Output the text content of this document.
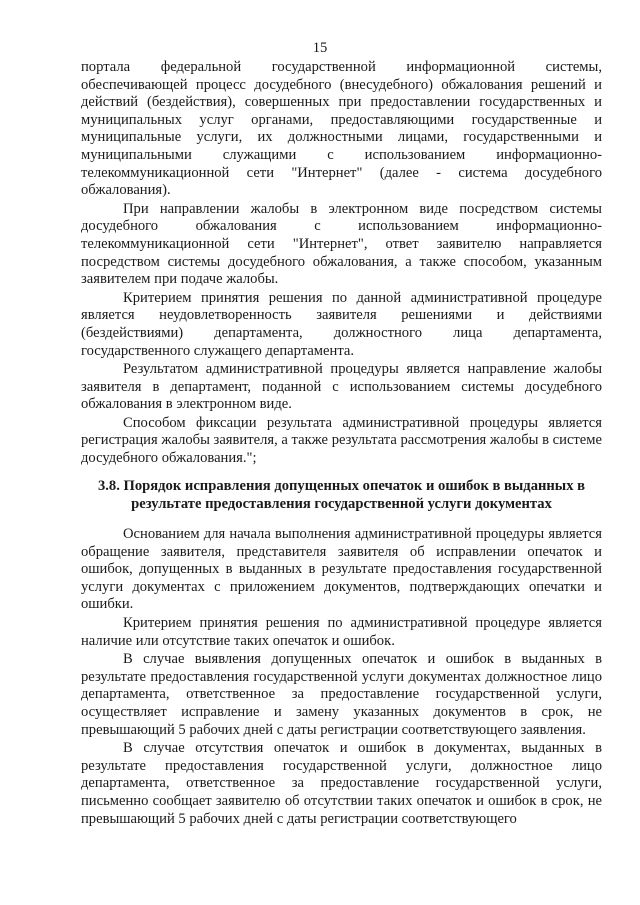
15

портала федеральной государственной информационной системы, обеспечивающей процесс досудебного (внесудебного) обжалования решений и действий (бездействия), совершенных при предоставлении государственных и муниципальных услуг органами, предоставляющими государственные и муниципальные услуги, их должностными лицами, государственными и муниципальными служащими с использованием информационно-телекоммуникационной сети "Интернет" (далее - система досудебного обжалования).

При направлении жалобы в электронном виде посредством системы досудебного обжалования с использованием информационно-телекоммуникационной сети "Интернет", ответ заявителю направляется посредством системы досудебного обжалования, а также способом, указанным заявителем при подаче жалобы.

Критерием принятия решения по данной административной процедуре является неудовлетворенность заявителя решениями и действиями (бездействиями) департамента, должностного лица департамента, государственного служащего департамента.

Результатом административной процедуры является направление жалобы заявителя в департамент, поданной с использованием системы досудебного обжалования в электронном виде.

Способом фиксации результата административной процедуры является регистрация жалобы заявителя, а также результата рассмотрения жалобы в системе досудебного обжалования.";

3.8. Порядок исправления допущенных опечаток и ошибок в выданных в
результате предоставления государственной услуги документах

Основанием для начала выполнения административной процедуры является обращение заявителя, представителя заявителя об исправлении опечаток и ошибок, допущенных в выданных в результате предоставления государственной услуги документах с приложением документов, подтверждающих опечатки и ошибки.

Критерием принятия решения по административной процедуре является наличие или отсутствие таких опечаток и ошибок.

В случае выявления допущенных опечаток и ошибок в выданных в результате предоставления государственной услуги документах должностное лицо департамента, ответственное за предоставление государственной услуги, осуществляет исправление и замену указанных документов в срок, не превышающий 5 рабочих дней с даты регистрации соответствующего заявления.

В случае отсутствия опечаток и ошибок в документах, выданных в результате предоставления государственной услуги, должностное лицо департамента, ответственное за предоставление государственной услуги, письменно сообщает заявителю об отсутствии таких опечаток и ошибок в срок, не превышающий 5 рабочих дней с даты регистрации соответствующего
